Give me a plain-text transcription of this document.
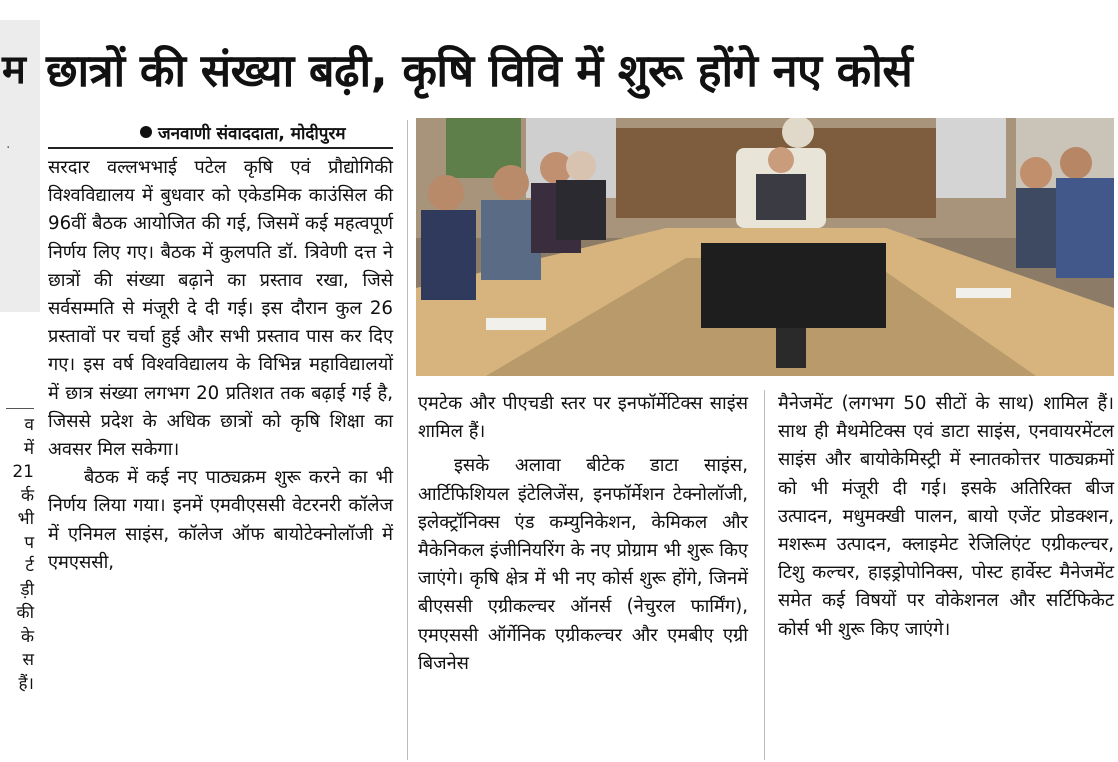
म
·
व
में
21
र्क
भी
प
र्ट
ड़ी
की
के
स
हैं।
छात्रों की संख्या बढ़ी, कृषि विवि में शुरू होंगे नए कोर्स
जनवाणी संवाददाता, मोदीपुरम

सरदार वल्लभभाई पटेल कृषि एवं प्रौद्योगिकी विश्वविद्यालय में बुधवार को एकेडमिक काउंसिल की 96वीं बैठक आयोजित की गई, जिसमें कई महत्वपूर्ण निर्णय लिए गए। बैठक में कुलपति डॉ. त्रिवेणी दत्त ने छात्रों की संख्या बढ़ाने का प्रस्ताव रखा, जिसे सर्वसम्मति से मंजूरी दे दी गई। इस दौरान कुल 26 प्रस्तावों पर चर्चा हुई और सभी प्रस्ताव पास कर दिए गए। इस वर्ष विश्वविद्यालय के विभिन्न महाविद्यालयों में छात्र संख्या लगभग 20 प्रतिशत तक बढ़ाई गई है, जिससे प्रदेश के अधिक छात्रों को कृषि शिक्षा का अवसर मिल सकेगा।

बैठक में कई नए पाठ्यक्रम शुरू करने का भी निर्णय लिया गया। इनमें एमवीएससी वेटरनरी कॉलेज में एनिमल साइंस, कॉलेज ऑफ बायोटेक्नोलॉजी में एमएससी,

एमटेक और पीएचडी स्तर पर इनफॉर्मेटिक्स साइंस शामिल हैं।

इसके अलावा बीटेक डाटा साइंस, आर्टिफिशियल इंटेलिजेंस, इनफॉर्मेशन टेक्नोलॉजी, इलेक्ट्रॉनिक्स एंड कम्युनिकेशन, केमिकल और मैकेनिकल इंजीनियरिंग के नए प्रोग्राम भी शुरू किए जाएंगे। कृषि क्षेत्र में भी नए कोर्स शुरू होंगे, जिनमें बीएससी एग्रीकल्चर ऑनर्स (नेचुरल फार्मिंग), एमएससी ऑर्गेनिक एग्रीकल्चर और एमबीए एग्री बिजनेस

मैनेजमेंट (लगभग 50 सीटों के साथ) शामिल हैं। साथ ही मैथमेटिक्स एवं डाटा साइंस, एनवायरमेंटल साइंस और बायोकेमिस्ट्री में स्नातकोत्तर पाठ्यक्रमों को भी मंजूरी दी गई। इसके अतिरिक्त बीज उत्पादन, मधुमक्खी पालन, बायो एजेंट प्रोडक्शन, मशरूम उत्पादन, क्लाइमेट रेजिलिएंट एग्रीकल्चर, टिशु कल्चर, हाइड्रोपोनिक्स, पोस्ट हार्वेस्ट मैनेजमेंट समेत कई विषयों पर वोकेशनल और सर्टिफिकेट कोर्स भी शुरू किए जाएंगे।
